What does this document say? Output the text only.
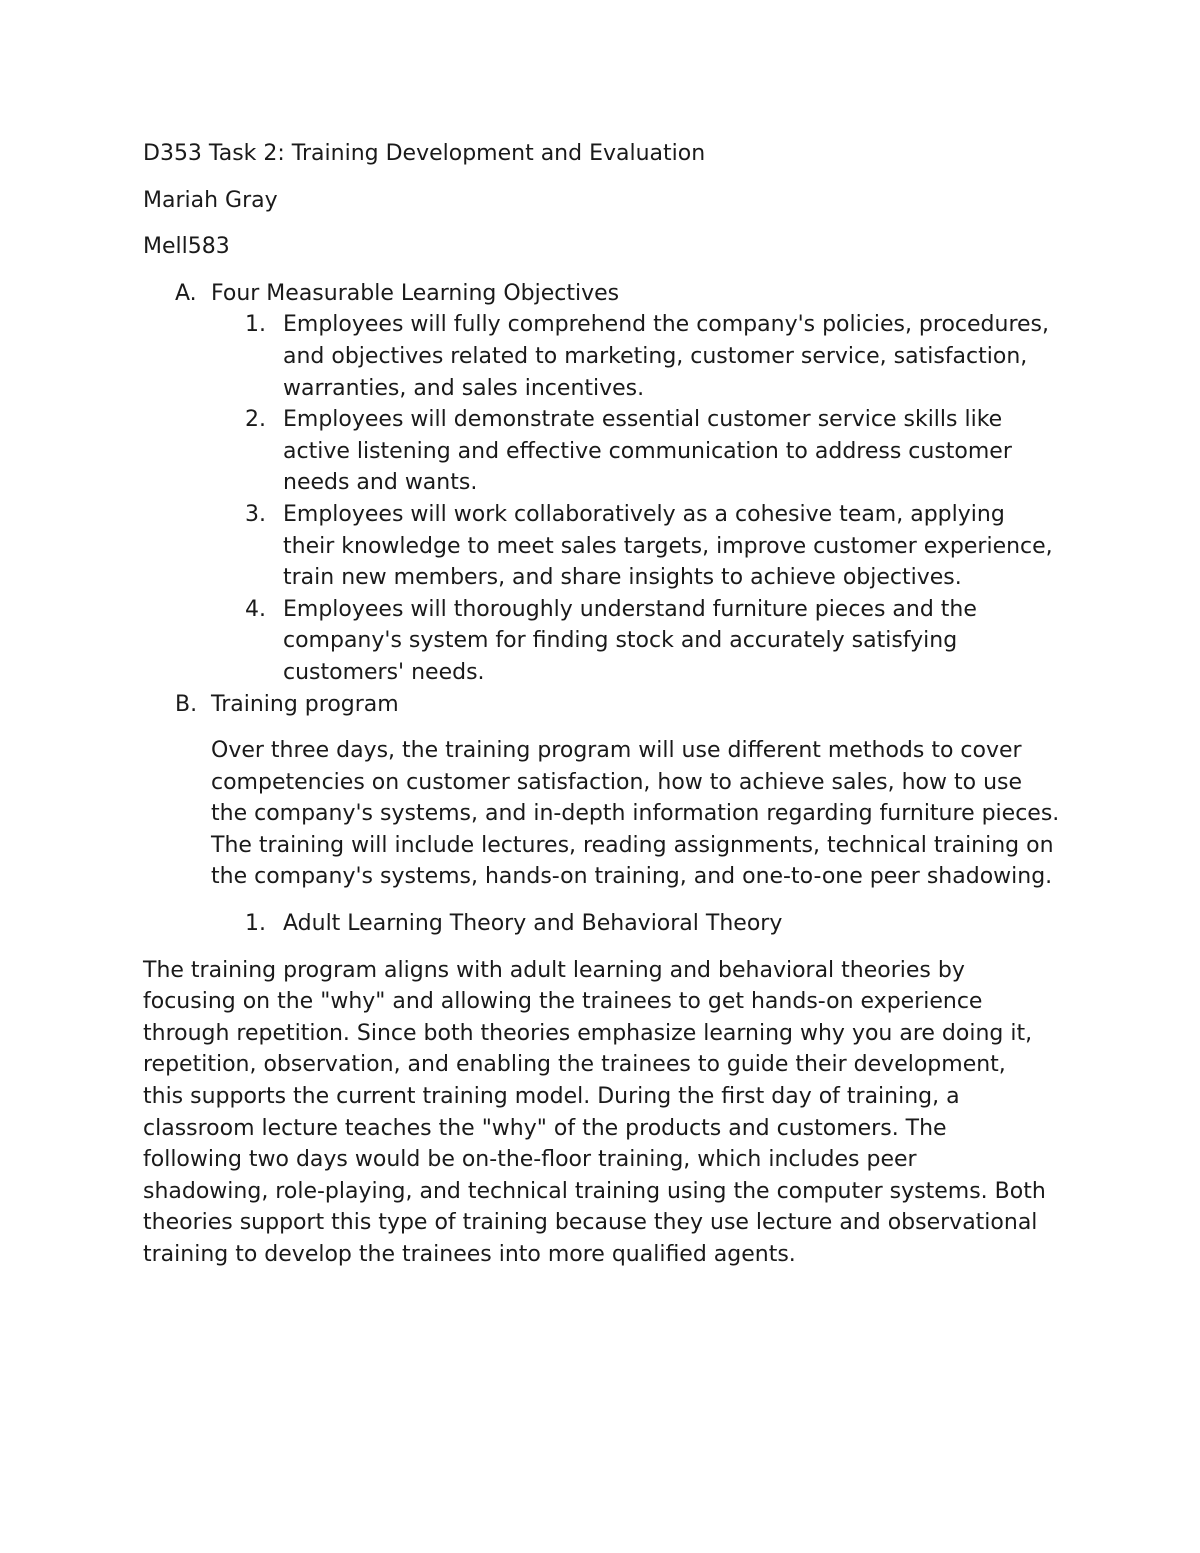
D353 Task 2: Training Development and Evaluation

Mariah Gray

Mell583

A. Four Measurable Learning Objectives
1. Employees will fully comprehend the company's policies, procedures, and objectives related to marketing, customer service, satisfaction, warranties, and sales incentives.
2. Employees will demonstrate essential customer service skills like active listening and effective communication to address customer needs and wants.
3. Employees will work collaboratively as a cohesive team, applying their knowledge to meet sales targets, improve customer experience, train new members, and share insights to achieve objectives.
4. Employees will thoroughly understand furniture pieces and the company's system for finding stock and accurately satisfying customers' needs.
B. Training program

Over three days, the training program will use different methods to cover competencies on customer satisfaction, how to achieve sales, how to use the company's systems, and in-depth information regarding furniture pieces. The training will include lectures, reading assignments, technical training on the company's systems, hands-on training, and one-to-one peer shadowing.

1. Adult Learning Theory and Behavioral Theory

The training program aligns with adult learning and behavioral theories by focusing on the "why" and allowing the trainees to get hands-on experience through repetition. Since both theories emphasize learning why you are doing it, repetition, observation, and enabling the trainees to guide their development, this supports the current training model. During the first day of training, a classroom lecture teaches the "why" of the products and customers. The following two days would be on-the-floor training, which includes peer shadowing, role-playing, and technical training using the computer systems. Both theories support this type of training because they use lecture and observational training to develop the trainees into more qualified agents.
